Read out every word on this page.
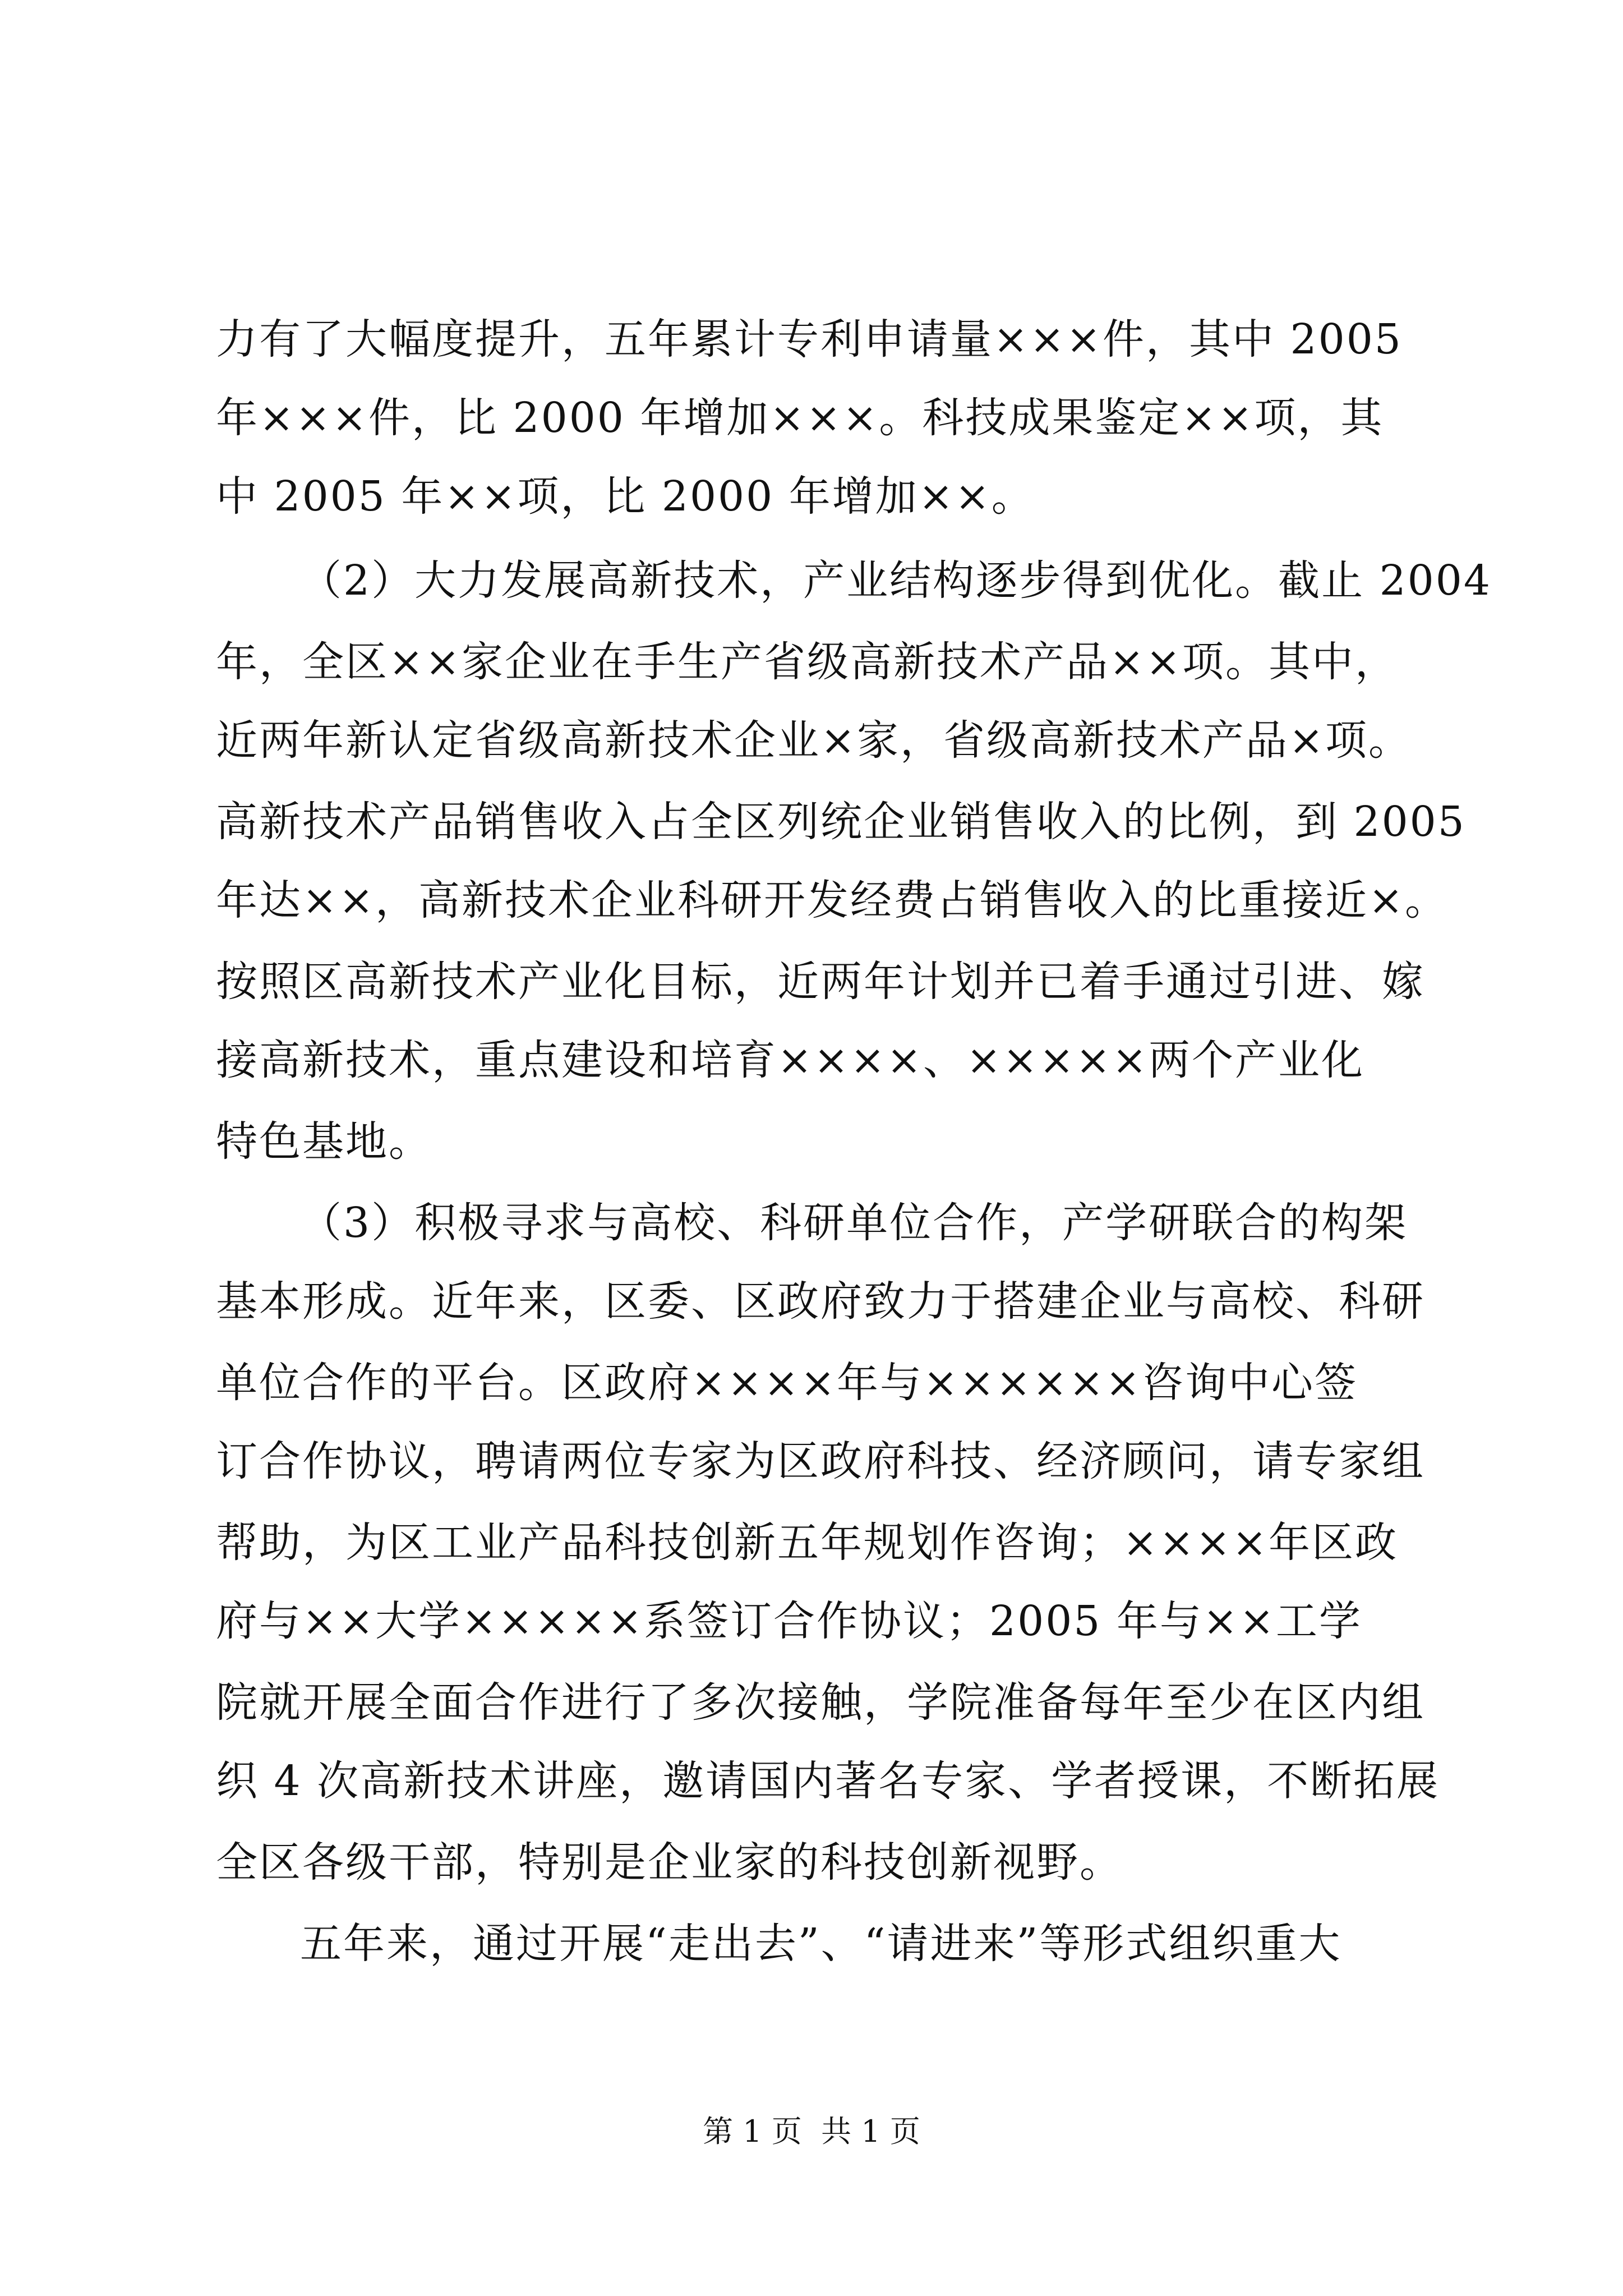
力有了大幅度提升，五年累计专利申请量×××件，其中 2005
年×××件，比 2000 年增加×××。科技成果鉴定××项，其
中 2005 年××项，比 2000 年增加××。
（2）大力发展高新技术，产业结构逐步得到优化。截止 2004
年，全区××家企业在手生产省级高新技术产品××项。其中，
近两年新认定省级高新技术企业×家，省级高新技术产品×项。
高新技术产品销售收入占全区列统企业销售收入的比例，到 2005
年达××，高新技术企业科研开发经费占销售收入的比重接近×。
按照区高新技术产业化目标，近两年计划并已着手通过引进、嫁
接高新技术，重点建设和培育××××、×××××两个产业化
特色基地。
（3）积极寻求与高校、科研单位合作，产学研联合的构架
基本形成。近年来，区委、区政府致力于搭建企业与高校、科研
单位合作的平台。区政府××××年与××××××咨询中心签
订合作协议，聘请两位专家为区政府科技、经济顾问，请专家组
帮助，为区工业产品科技创新五年规划作咨询；××××年区政
府与××大学×××××系签订合作协议；2005 年与××工学
院就开展全面合作进行了多次接触，学院准备每年至少在区内组
织 4 次高新技术讲座，邀请国内著名专家、学者授课，不断拓展
全区各级干部，特别是企业家的科技创新视野。
五年来，通过开展“走出去”、“请进来”等形式组织重大
第 1 页  共 1 页
